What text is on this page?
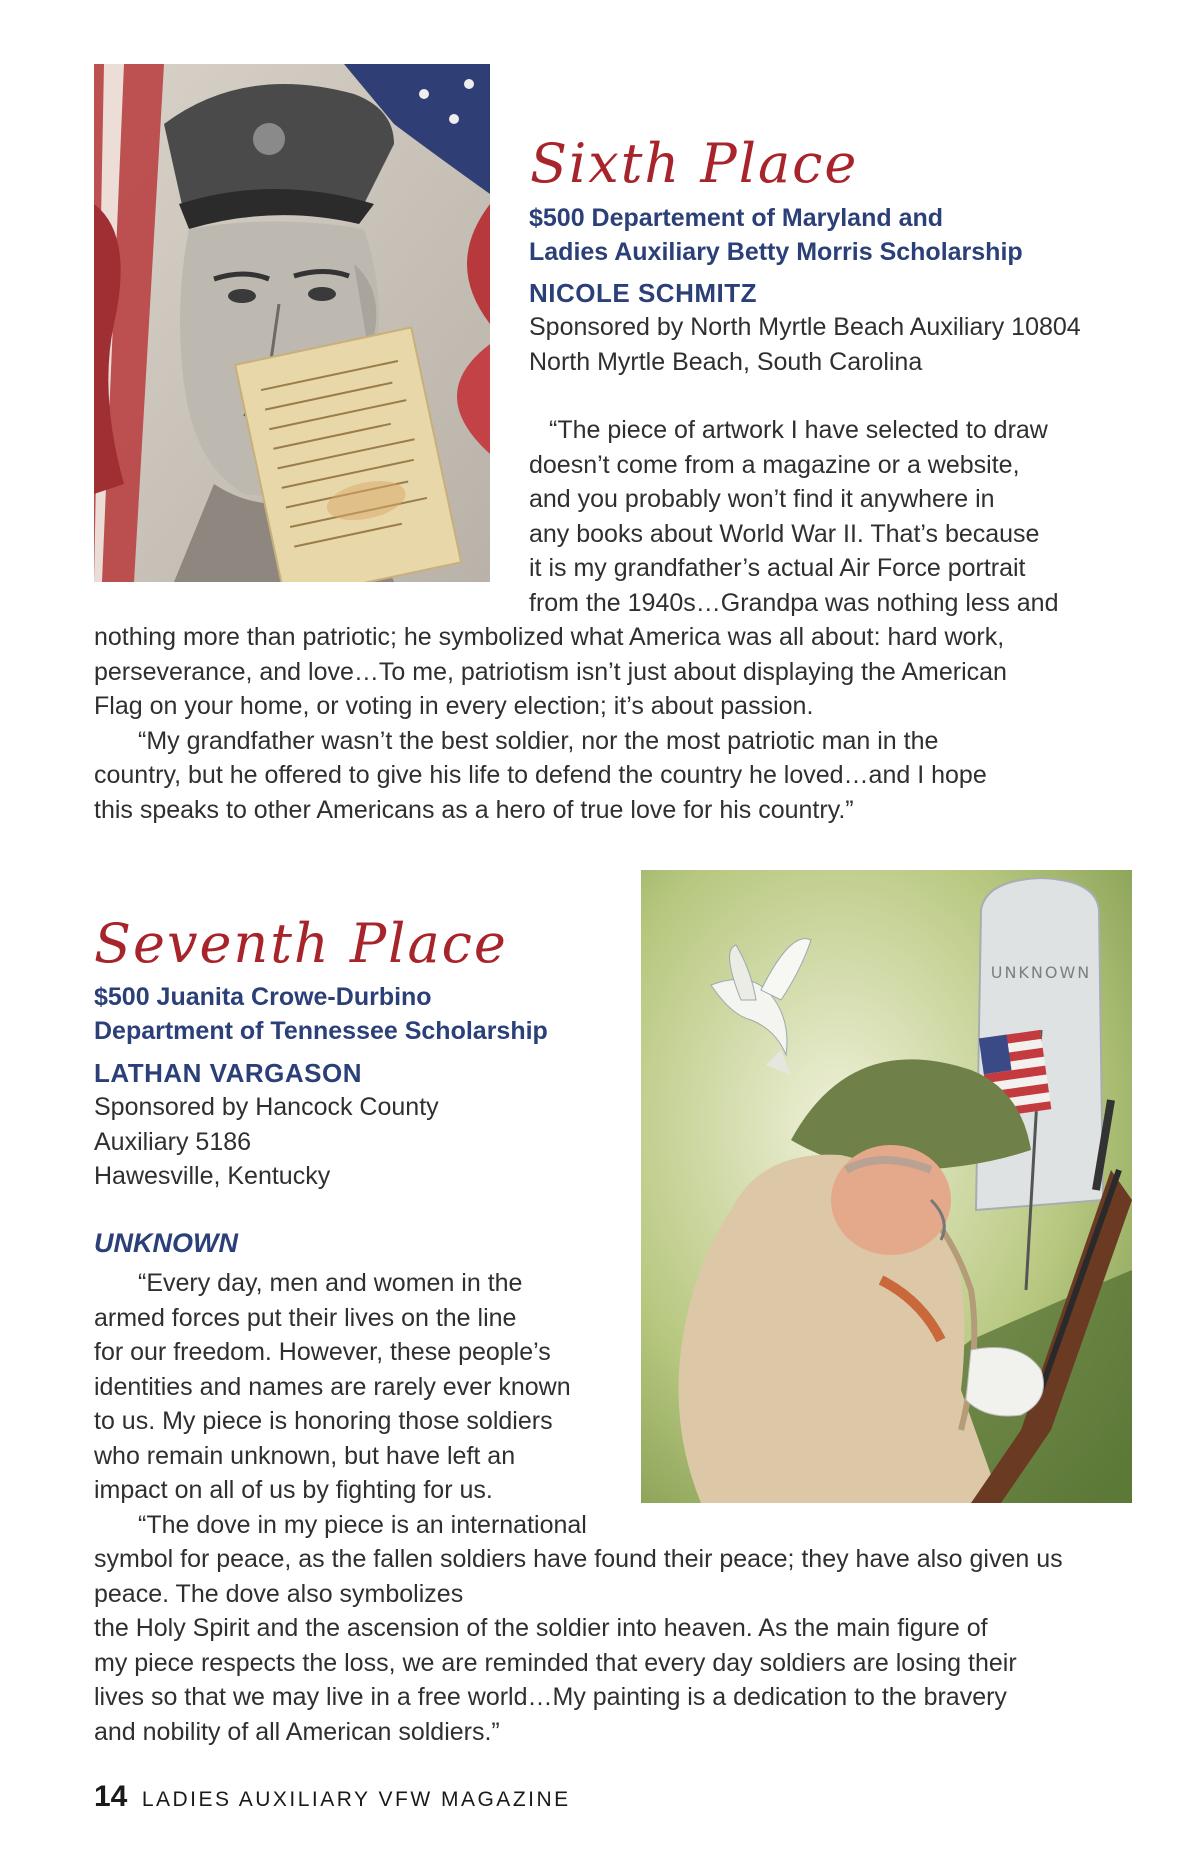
Sixth Place
$500 Departement of Maryland and
Ladies Auxiliary Betty Morris Scholarship
NICOLE SCHMITZ
Sponsored by North Myrtle Beach Auxiliary 10804
North Myrtle Beach, South Carolina
“The piece of artwork I have selected to draw
doesn’t come from a magazine or a website,
and you probably won’t find it anywhere in
any books about World War II. That’s because
it is my grandfather’s actual Air Force portrait
from the 1940s…Grandpa was nothing less and
nothing more than patriotic; he symbolized what America was all about: hard work,
perseverance, and love…To me, patriotism isn’t just about displaying the American
Flag on your home, or voting in every election; it’s about passion.
“My grandfather wasn’t the best soldier, nor the most patriotic man in the
country, but he offered to give his life to defend the country he loved…and I hope
this speaks to other Americans as a hero of true love for his country.”
UNKNOWN
Seventh Place
$500 Juanita Crowe-Durbino
Department of Tennessee Scholarship
LATHAN VARGASON
Sponsored by Hancock County
Auxiliary 5186
Hawesville, Kentucky
UNKNOWN
“Every day, men and women in the
armed forces put their lives on the line
for our freedom. However, these people’s
identities and names are rarely ever known
to us. My piece is honoring those soldiers
who remain unknown, but have left an
impact on all of us by fighting for us.
“The dove in my piece is an international
symbol for peace, as the fallen soldiers have found their peace; they have also given us
peace. The dove also symbolizes
the Holy Spirit and the ascension of the soldier into heaven. As the main figure of
my piece respects the loss, we are reminded that every day soldiers are losing their
lives so that we may live in a free world…My painting is a dedication to the bravery
and nobility of all American soldiers.”
14 LADIES AUXILIARY VFW MAGAZINE
